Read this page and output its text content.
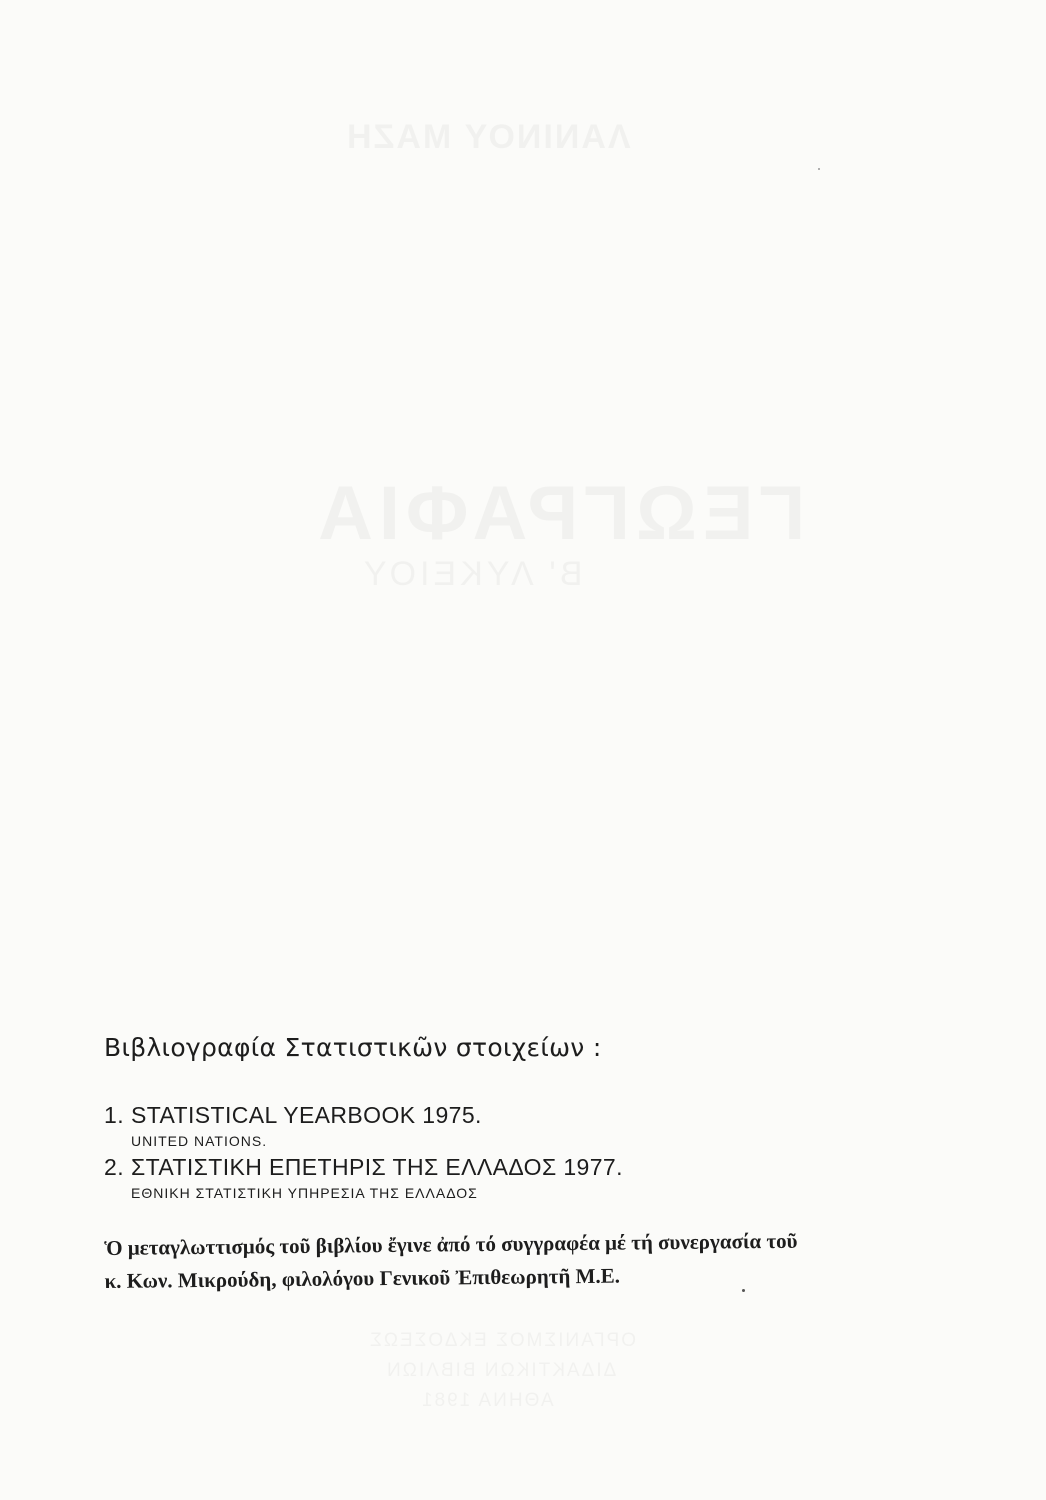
ΛΑΝΙΝΟΥ ΜΑΖΗ
ΓΕΩΓΡΑΦΙΑ
Β' ΛΥΚΕΙΟΥ
ΟΡΓΑΝΙΣΜΟΣ ΕΚΔΟΣΕΩΣ
ΔΙΔΑΚΤΙΚΩΝ ΒΙΒΛΙΩΝ
ΑΘΗΝΑ 1981
Βιβλιογραφία Στατιστικῶν στοιχείων :
1. STATISTICAL YEARBOOK 1975.
UNITED NATIONS.
2. ΣΤΑΤΙΣΤΙΚΗ ΕΠΕΤΗΡΙΣ ΤΗΣ ΕΛΛΑΔΟΣ 1977.
ΕΘΝΙΚΗ ΣΤΑΤΙΣΤΙΚΗ ΥΠΗΡΕΣΙΑ ΤΗΣ ΕΛΛΑΔΟΣ
Ὁ μεταγλωττισμός τοῦ βιβλίου ἔγινε ἀπό τό συγγραφέα μέ τή συνεργασία τοῦ
κ. Κων. Μικρούδη, φιλολόγου Γενικοῦ Ἐπιθεωρητῆ Μ.Ε.
